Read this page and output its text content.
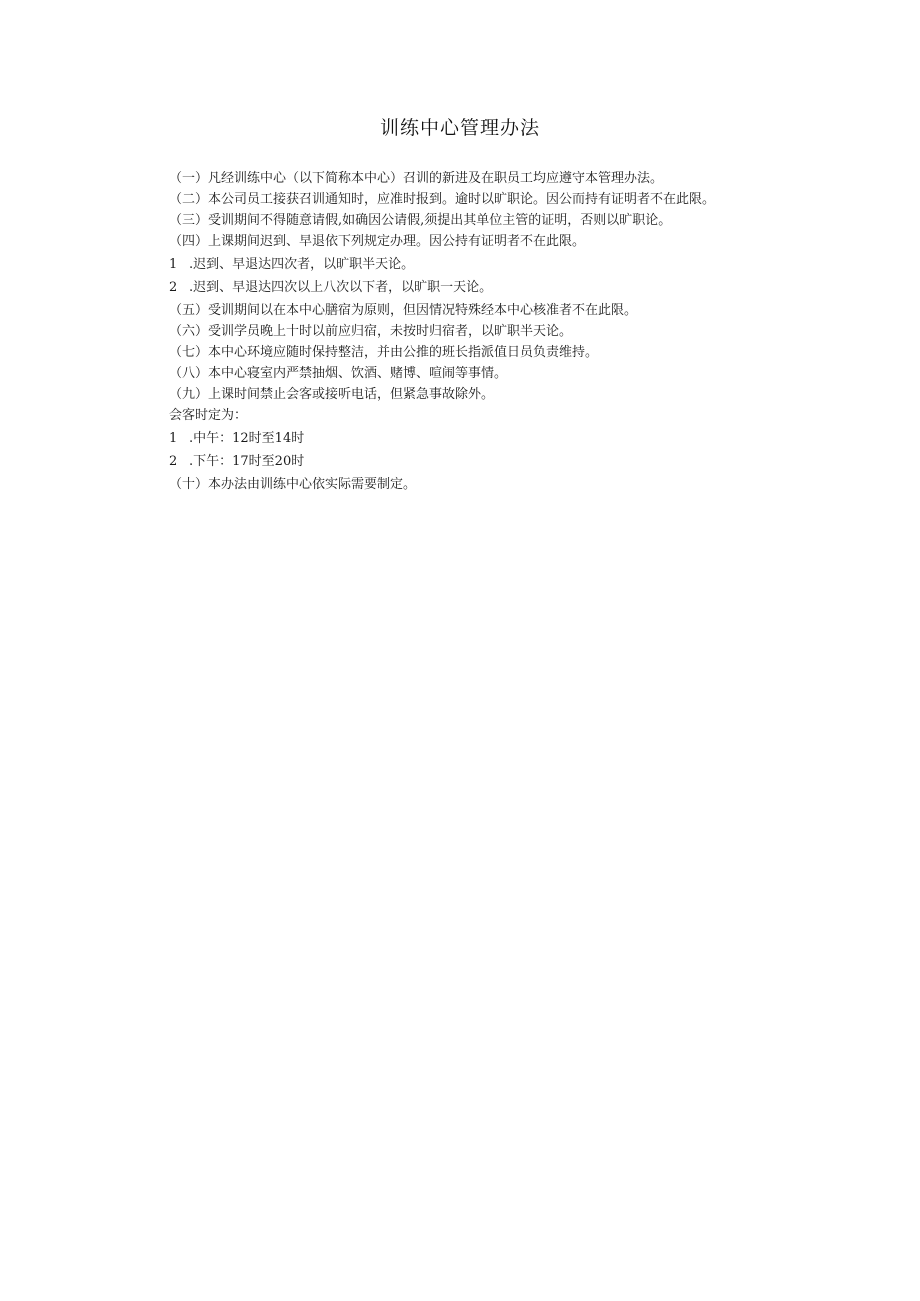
训练中心管理办法

（一）凡经训练中心（以下简称本中心）召训的新进及在职员工均应遵守本管理办法。

（二）本公司员工接获召训通知时，应准时报到。逾时以旷职论。因公而持有证明者不在此限。

（三）受训期间不得随意请假,如确因公请假,须提出其单位主管的证明，否则以旷职论。

（四）上课期间迟到、早退依下列规定办理。因公持有证明者不在此限。

1 .迟到、早退达四次者，以旷职半天论。

2 .迟到、早退达四次以上八次以下者，以旷职一天论。

（五）受训期间以在本中心膳宿为原则，但因情况特殊经本中心核准者不在此限。

（六）受训学员晚上十时以前应归宿，未按时归宿者，以旷职半天论。

（七）本中心环境应随时保持整洁，并由公推的班长指派值日员负责维持。

（八）本中心寝室内严禁抽烟、饮酒、赌博、喧闹等事情。

（九）上课时间禁止会客或接听电话，但紧急事故除外。

会客时定为：

1 .中午：12时至14时

2 .下午：17时至20时

（十）本办法由训练中心依实际需要制定。
